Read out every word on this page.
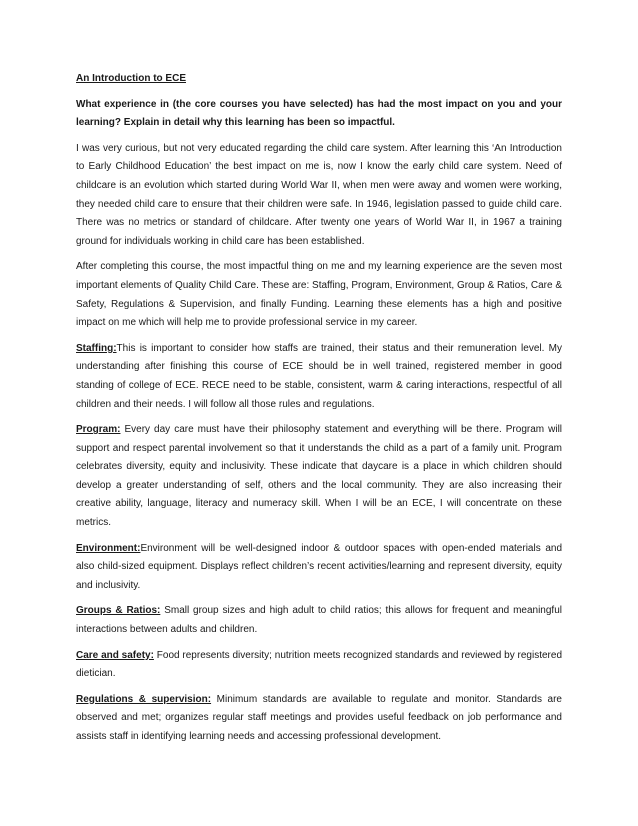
An Introduction to ECE
What experience in (the core courses you have selected) has had the most impact on you and your learning? Explain in detail why this learning has been so impactful.

I was very curious, but not very educated regarding the child care system. After learning this ‘An Introduction to Early Childhood Education’ the best impact on me is, now I know the early child care system. Need of childcare is an evolution which started during World War II, when men were away and women were working, they needed child care to ensure that their children were safe. In 1946, legislation passed to guide child care. There was no metrics or standard of childcare. After twenty one years of World War II, in 1967 a training ground for individuals working in child care has been established.

After completing this course, the most impactful thing on me and my learning experience are the seven most important elements of Quality Child Care. These are: Staffing, Program, Environment, Group & Ratios, Care & Safety, Regulations & Supervision, and finally Funding. Learning these elements has a high and positive impact on me which will help me to provide professional service in my career.

Staffing:This is important to consider how staffs are trained, their status and their remuneration level. My understanding after finishing this course of ECE should be in well trained, registered member in good standing of college of ECE. RECE need to be stable, consistent, warm & caring interactions, respectful of all children and their needs. I will follow all those rules and regulations.

Program: Every day care must have their philosophy statement and everything will be there. Program will support and respect parental involvement so that it understands the child as a part of a family unit. Program celebrates diversity, equity and inclusivity. These indicate that daycare is a place in which children should develop a greater understanding of self, others and the local community. They are also increasing their creative ability, language, literacy and numeracy skill. When I will be an ECE, I will concentrate on these metrics.

Environment:Environment will be well-designed indoor & outdoor spaces with open-ended materials and also child-sized equipment. Displays reflect children’s recent activities/learning and represent diversity, equity and inclusivity.

Groups & Ratios: Small group sizes and high adult to child ratios; this allows for frequent and meaningful interactions between adults and children.

Care and safety: Food represents diversity; nutrition meets recognized standards and reviewed by registered dietician.

Regulations & supervision: Minimum standards are available to regulate and monitor. Standards are observed and met; organizes regular staff meetings and provides useful feedback on job performance and assists staff in identifying learning needs and accessing professional development.
